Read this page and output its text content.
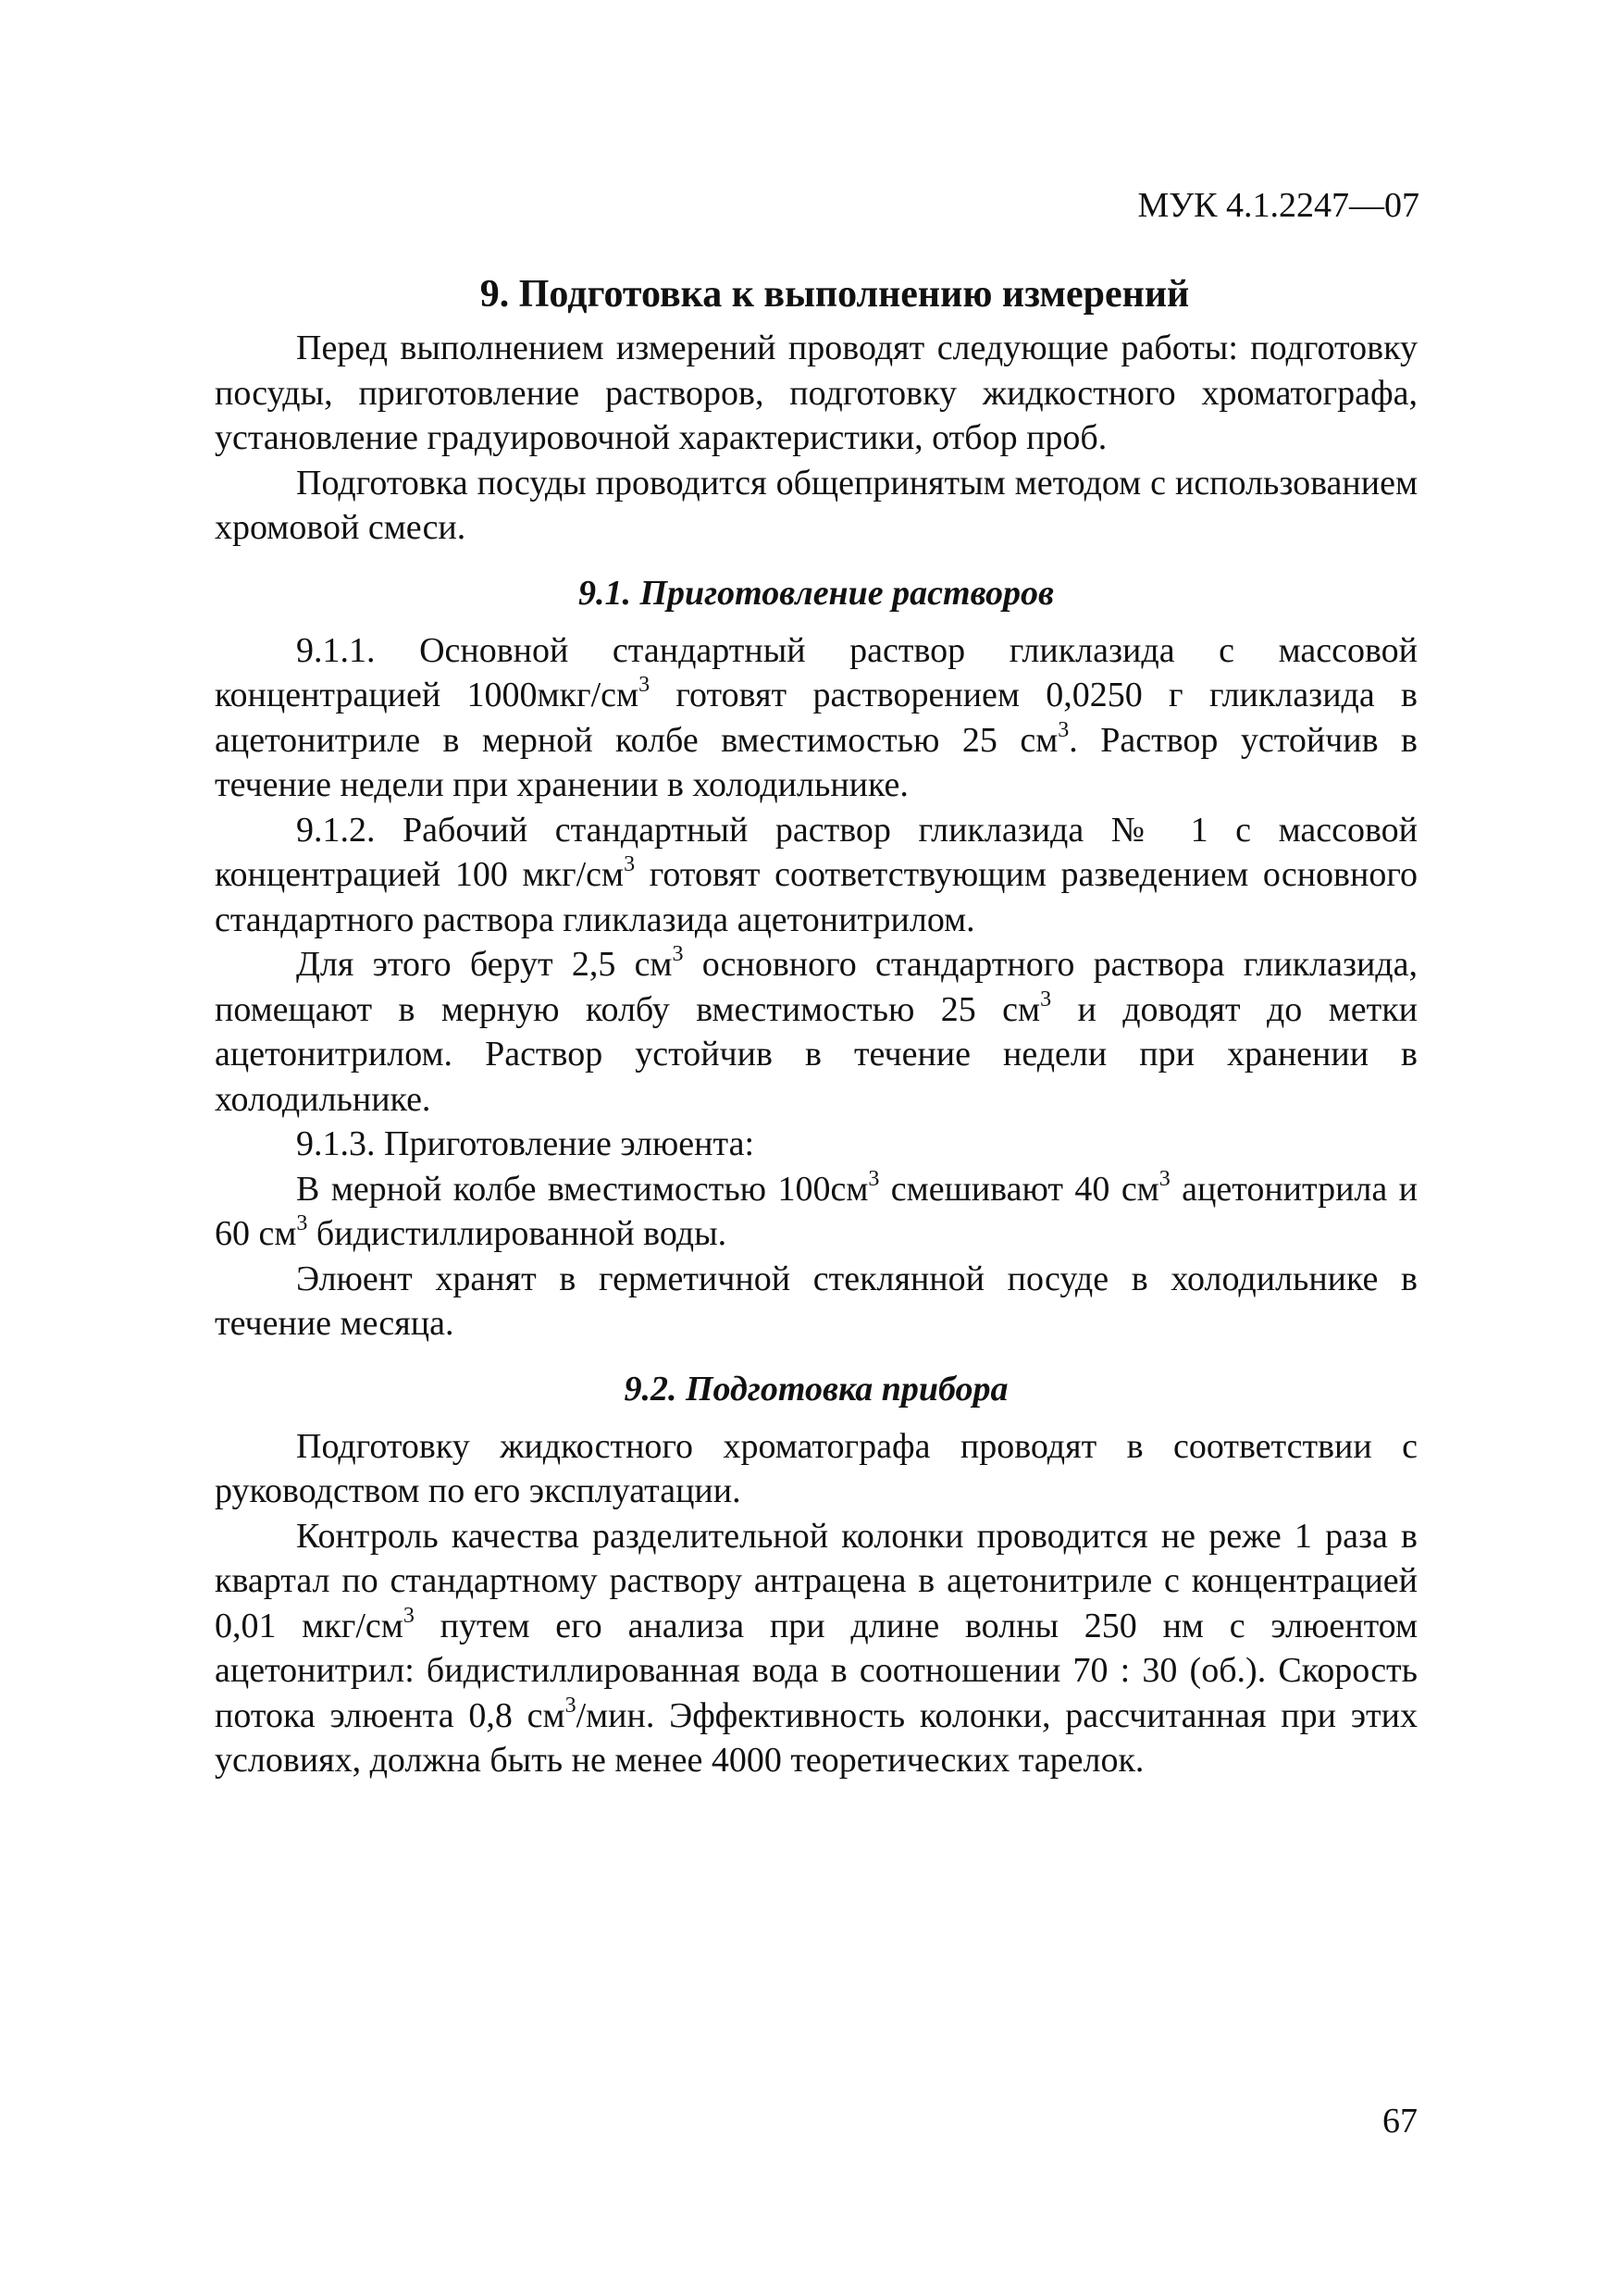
МУК 4.1.2247—07
9. Подготовка к выполнению измерений

Перед выполнением измерений проводят следующие работы: подготовку посуды, приготовление растворов, подготовку жидкостного хроматографа, установление градуировочной характеристики, отбор проб.

Подготовка посуды проводится общепринятым методом с использованием хромовой смеси.

9.1. Приготовление растворов

9.1.1. Основной стандартный раствор гликлазида с массовой концентрацией $1000мкг/см^3$ готовят растворением 0,0250 г гликлазида в ацетонитриле в мерной колбе вместимостью 25 $см^3$. Раствор устойчив в течение недели при хранении в холодильнике.

9.1.2. Рабочий стандартный раствор гликлазида № 1 с массовой концентрацией 100 мкг/$см^3$ готовят соответствующим разведением основного стандартного раствора гликлазида ацетонитрилом.

Для этого берут 2,5 $см^3$ основного стандартного раствора гликлазида, помещают в мерную колбу вместимостью 25 $см^3$ и доводят до метки ацетонитрилом. Раствор устойчив в течение недели при хранении в холодильнике.

9.1.3. Приготовление элюента:

В мерной колбе вместимостью $100см^3$ смешивают 40 $см^3$ ацетонитрила и 60 $см^3$ бидистиллированной воды.

Элюент хранят в герметичной стеклянной посуде в холодильнике в течение месяца.

9.2. Подготовка прибора

Подготовку жидкостного хроматографа проводят в соответствии с руководством по его эксплуатации.

Контроль качества разделительной колонки проводится не реже 1 раза в квартал по стандартному раствору антрацена в ацетонитриле с концентрацией 0,01 мкг/$см^3$ путем его анализа при длине волны 250 нм с элюентом ацетонитрил: бидистиллированная вода в соотношении 70 : 30 (об.). Скорость потока элюента 0,8 $см^3$/мин. Эффективность колонки, рассчитанная при этих условиях, должна быть не менее 4000 теоретических тарелок.

67
